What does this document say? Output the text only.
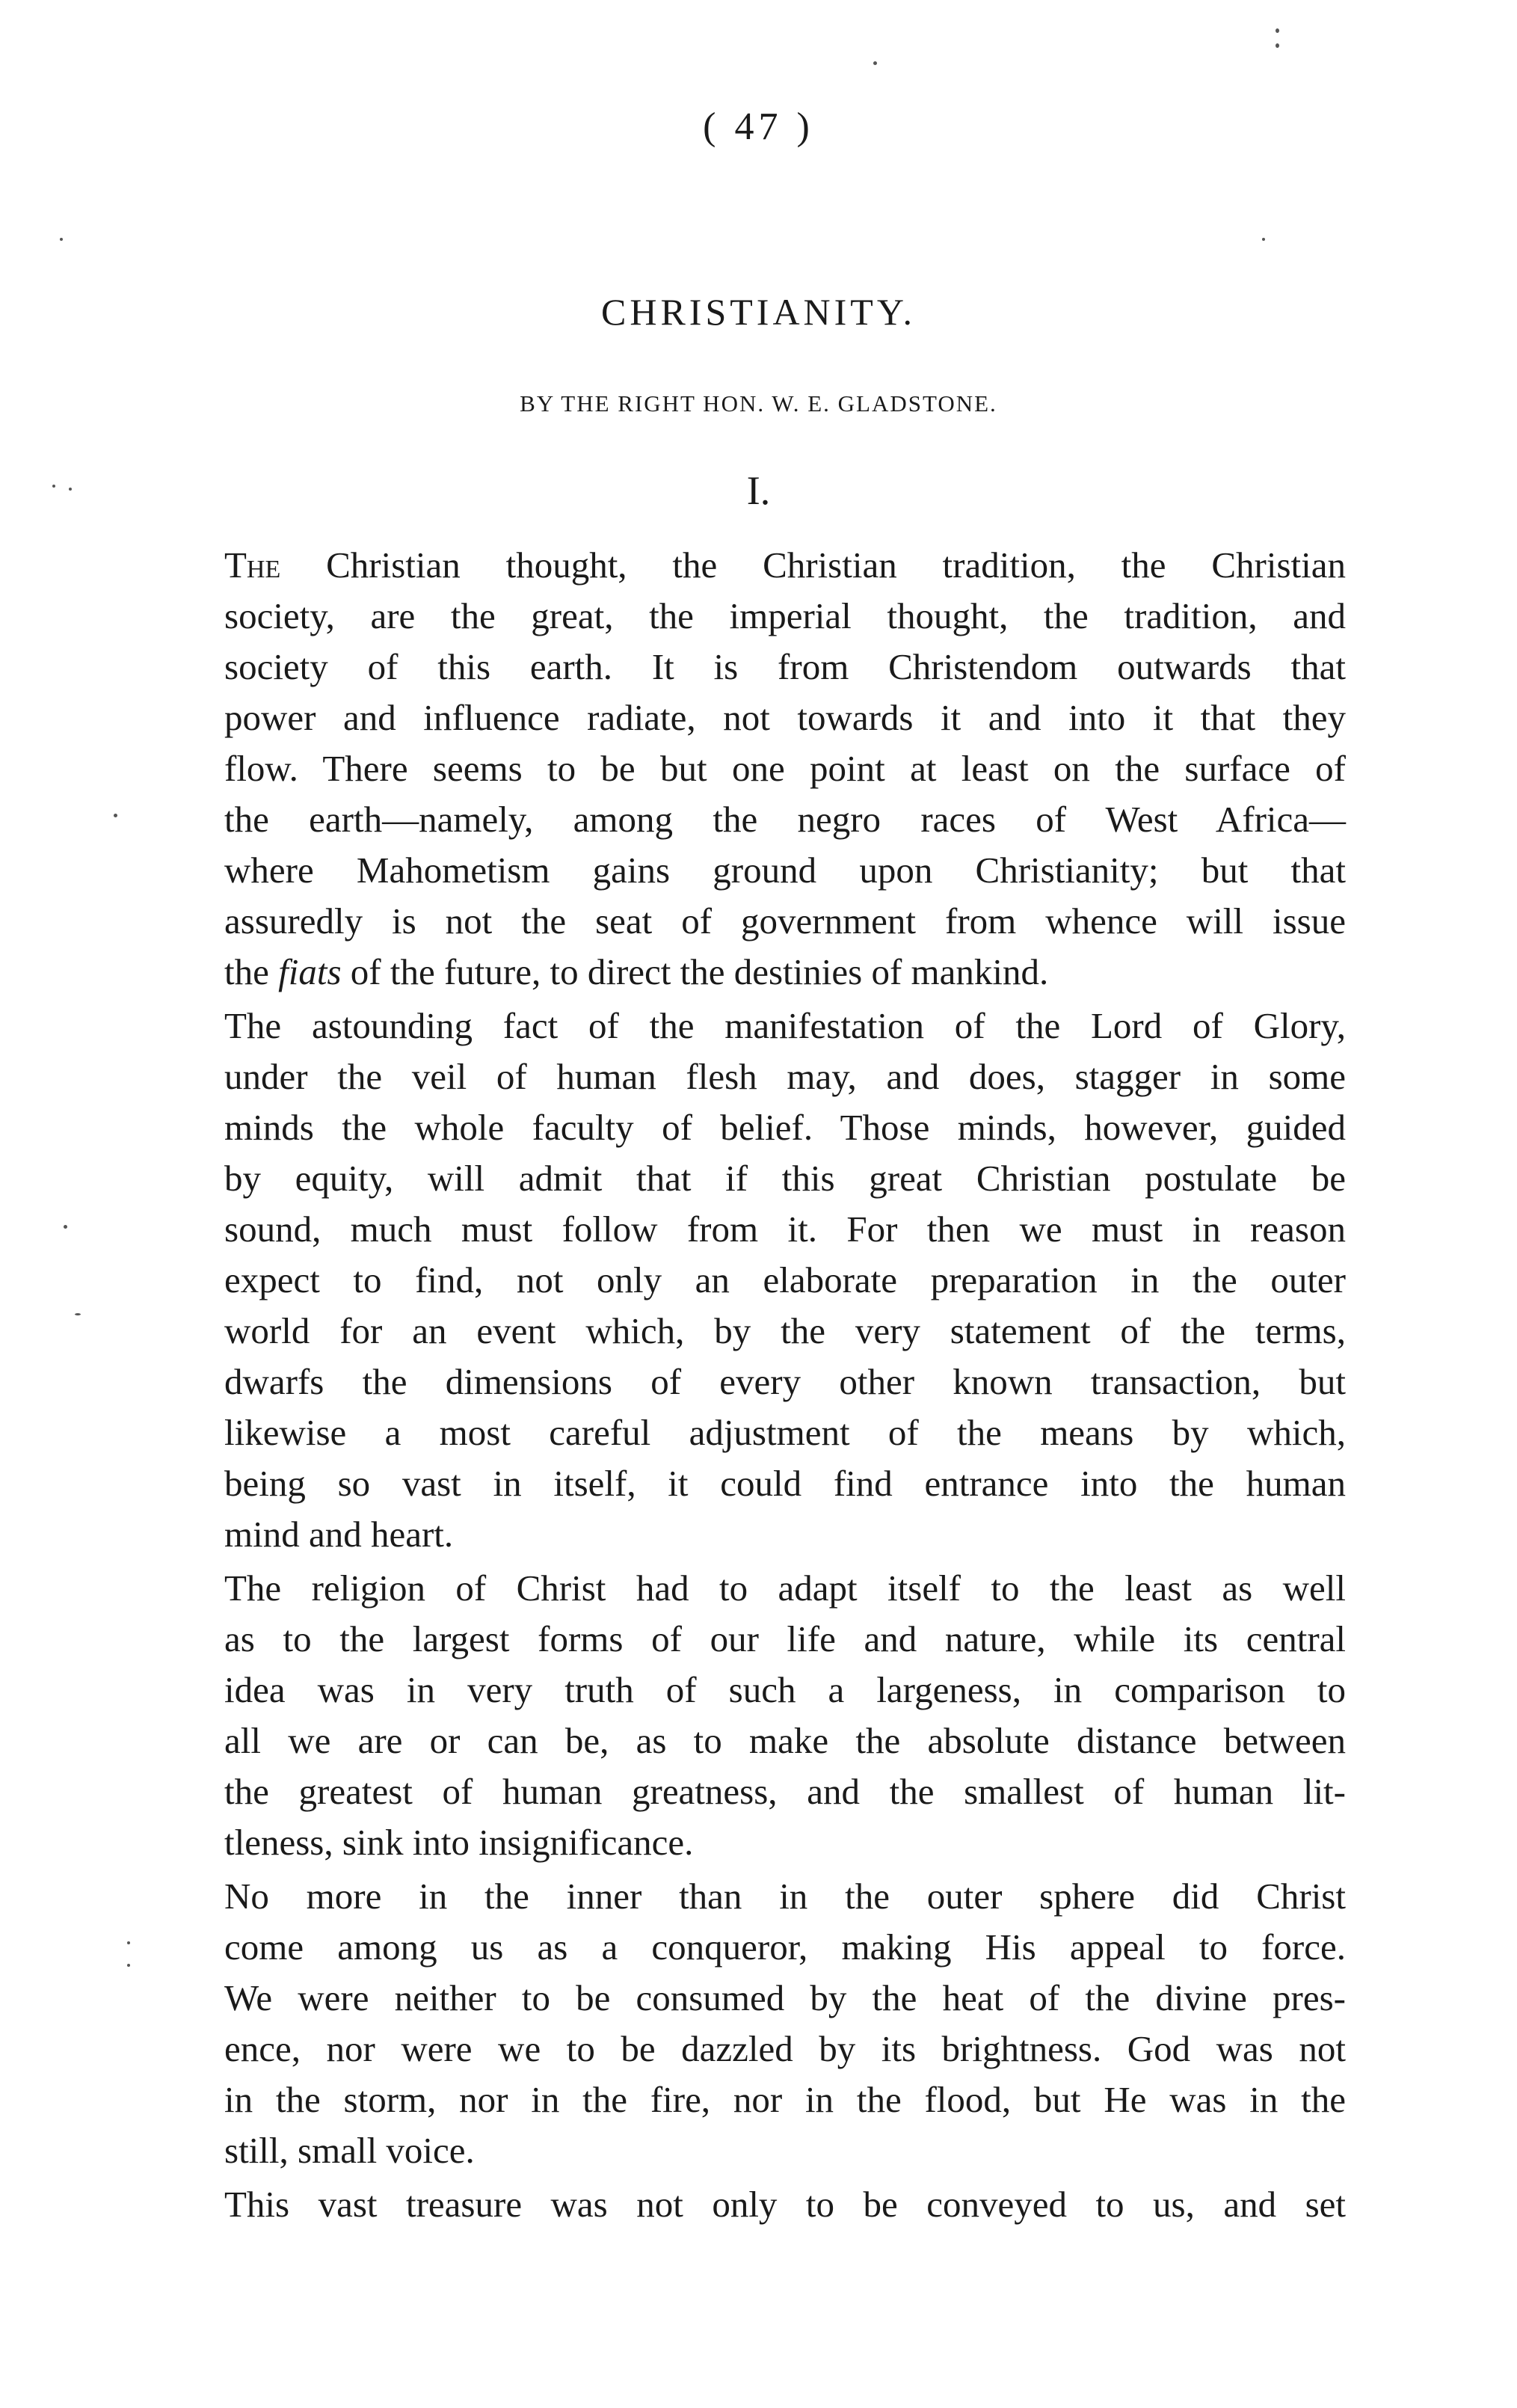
( 47 )
CHRISTIANITY.
BY THE RIGHT HON. W. E. GLADSTONE.
I.

The Christian thought, the Christian tradition, the Christian
society, are the great, the imperial thought, the tradition, and
society of this earth. It is from Christendom outwards that
power and influence radiate, not towards it and into it that they
flow. There seems to be but one point at least on the surface of
the earth—namely, among the negro races of West Africa—
where Mahometism gains ground upon Christianity; but that
assuredly is not the seat of government from whence will issue
the fiats of the future, to direct the destinies of mankind.

The astounding fact of the manifestation of the Lord of Glory,
under the veil of human flesh may, and does, stagger in some
minds the whole faculty of belief. Those minds, however, guided
by equity, will admit that if this great Christian postulate be
sound, much must follow from it. For then we must in reason
expect to find, not only an elaborate preparation in the outer
world for an event which, by the very statement of the terms,
dwarfs the dimensions of every other known transaction, but
likewise a most careful adjustment of the means by which,
being so vast in itself, it could find entrance into the human
mind and heart.

The religion of Christ had to adapt itself to the least as well
as to the largest forms of our life and nature, while its central
idea was in very truth of such a largeness, in comparison to
all we are or can be, as to make the absolute distance between
the greatest of human greatness, and the smallest of human lit-
tleness, sink into insignificance.

No more in the inner than in the outer sphere did Christ
come among us as a conqueror, making His appeal to force.
We were neither to be consumed by the heat of the divine pres-
ence, nor were we to be dazzled by its brightness. God was not
in the storm, nor in the fire, nor in the flood, but He was in the
still, small voice.

This vast treasure was not only to be conveyed to us, and set
